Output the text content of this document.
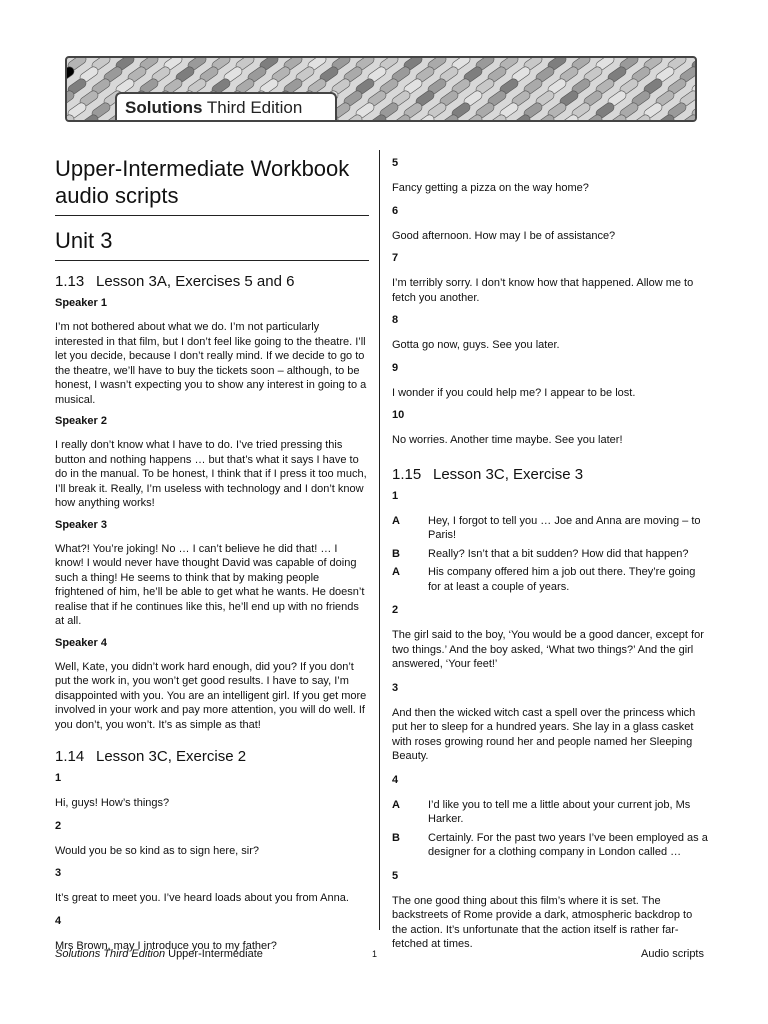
Solutions Third Edition
Upper-Intermediate Workbook audio scripts
Unit 3
1.13 Lesson 3A, Exercises 5 and 6
Speaker 1
I’m not bothered about what we do. I’m not particularly interested in that film, but I don’t feel like going to the theatre. I’ll let you decide, because I don’t really mind. If we decide to go to the theatre, we’ll have to buy the tickets soon – although, to be honest, I wasn’t expecting you to show any interest in going to a musical.
Speaker 2
I really don’t know what I have to do. I’ve tried pressing this button and nothing happens … but that’s what it says I have to do in the manual. To be honest, I think that if I press it too much, I’ll break it. Really, I’m useless with technology and I don’t know how anything works!
Speaker 3
What?! You’re joking! No … I can’t believe he did that! … I know! I would never have thought David was capable of doing such a thing! He seems to think that by making people frightened of him, he’ll be able to get what he wants. He doesn’t realise that if he continues like this, he’ll end up with no friends at all.
Speaker 4
Well, Kate, you didn’t work hard enough, did you? If you don’t put the work in, you won’t get good results. I have to say, I’m disappointed with you. You are an intelligent girl. If you get more involved in your work and pay more attention, you will do well. If you don’t, you won’t. It’s as simple as that!
1.14 Lesson 3C, Exercise 2
1
Hi, guys! How’s things?
2
Would you be so kind as to sign here, sir?
3
It’s great to meet you. I’ve heard loads about you from Anna.
4
Mrs Brown, may I introduce you to my father?
5
Fancy getting a pizza on the way home?
6
Good afternoon. How may I be of assistance?
7
I’m terribly sorry. I don’t know how that happened. Allow me to fetch you another.
8
Gotta go now, guys. See you later.
9
I wonder if you could help me? I appear to be lost.
10
No worries. Another time maybe. See you later!
1.15 Lesson 3C, Exercise 3
1
A	Hey, I forgot to tell you … Joe and Anna are moving – to Paris!
B	Really? Isn’t that a bit sudden? How did that happen?
A	His company offered him a job out there. They’re going for at least a couple of years.
2
The girl said to the boy, ‘You would be a good dancer, except for two things.’ And the boy asked, ‘What two things?’ And the girl answered, ‘Your feet!’
3
And then the wicked witch cast a spell over the princess which put her to sleep for a hundred years. She lay in a glass casket with roses growing round her and people named her Sleeping Beauty.
4
A	I’d like you to tell me a little about your current job, Ms Harker.
B	Certainly. For the past two years I’ve been employed as a designer for a clothing company in London called …
5
The one good thing about this film’s where it is set. The backstreets of Rome provide a dark, atmospheric backdrop to the action. It’s unfortunate that the action itself is rather far-fetched at times.
Solutions Third Edition Upper-Intermediate	1	Audio scripts
